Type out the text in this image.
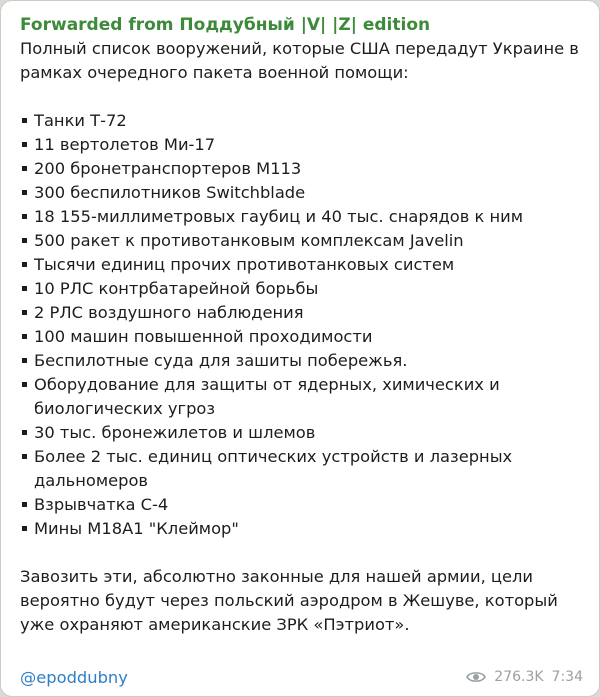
Forwarded from Поддубный |V| |Z| edition

Полный список вооружений, которые США передадут Украине в рамках очередного пакета военной помощи:

Танки Т-72
11 вертолетов Ми-17
200 бронетранспортеров М113
300 беспилотников Switchblade
18 155-миллиметровых гаубиц и 40 тыс. снарядов к ним
500 ракет к противотанковым комплексам Javelin
Тысячи единиц прочих противотанковых систем
10 РЛС контрбатарейной борьбы
2 РЛС воздушного наблюдения
100 машин повышенной проходимости
Беспилотные суда для зашиты побережья.
Оборудование для защиты от ядерных, химических и биологических угроз
30 тыс. бронежилетов и шлемов
Более 2 тыс. единиц оптических устройств и лазерных дальномеров
Взрывчатка С-4
Мины M18A1 "Клеймор"

Завозить эти, абсолютно законные для нашей армии, цели вероятно будут через польский аэродром в Жешуве, который уже охраняют американские ЗРК «Пэтриот».

@epoddubny	276.3K 7:34
